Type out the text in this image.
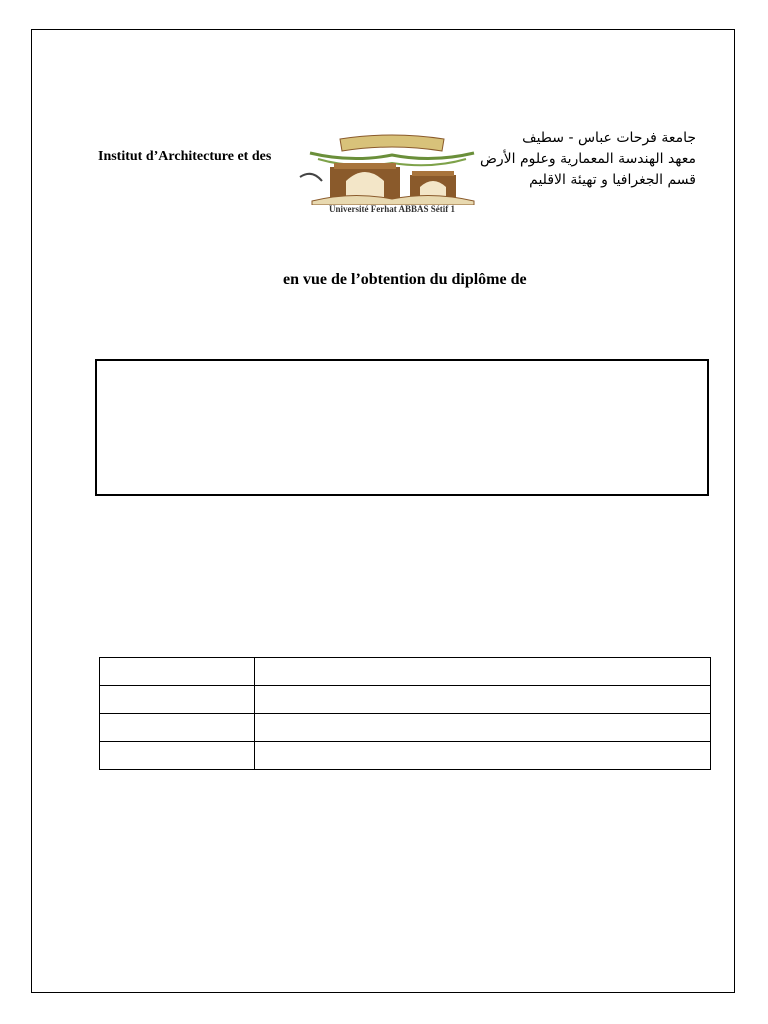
Institut d’Architecture et des
Université Ferhat ABBAS Sétif 1
جامعة فرحات عباس - سطيف
معهد الهندسة المعمارية وعلوم الأرض
قسم الجغرافيا و تهيئة الاقليم
en vue de l’obtention du diplôme de
